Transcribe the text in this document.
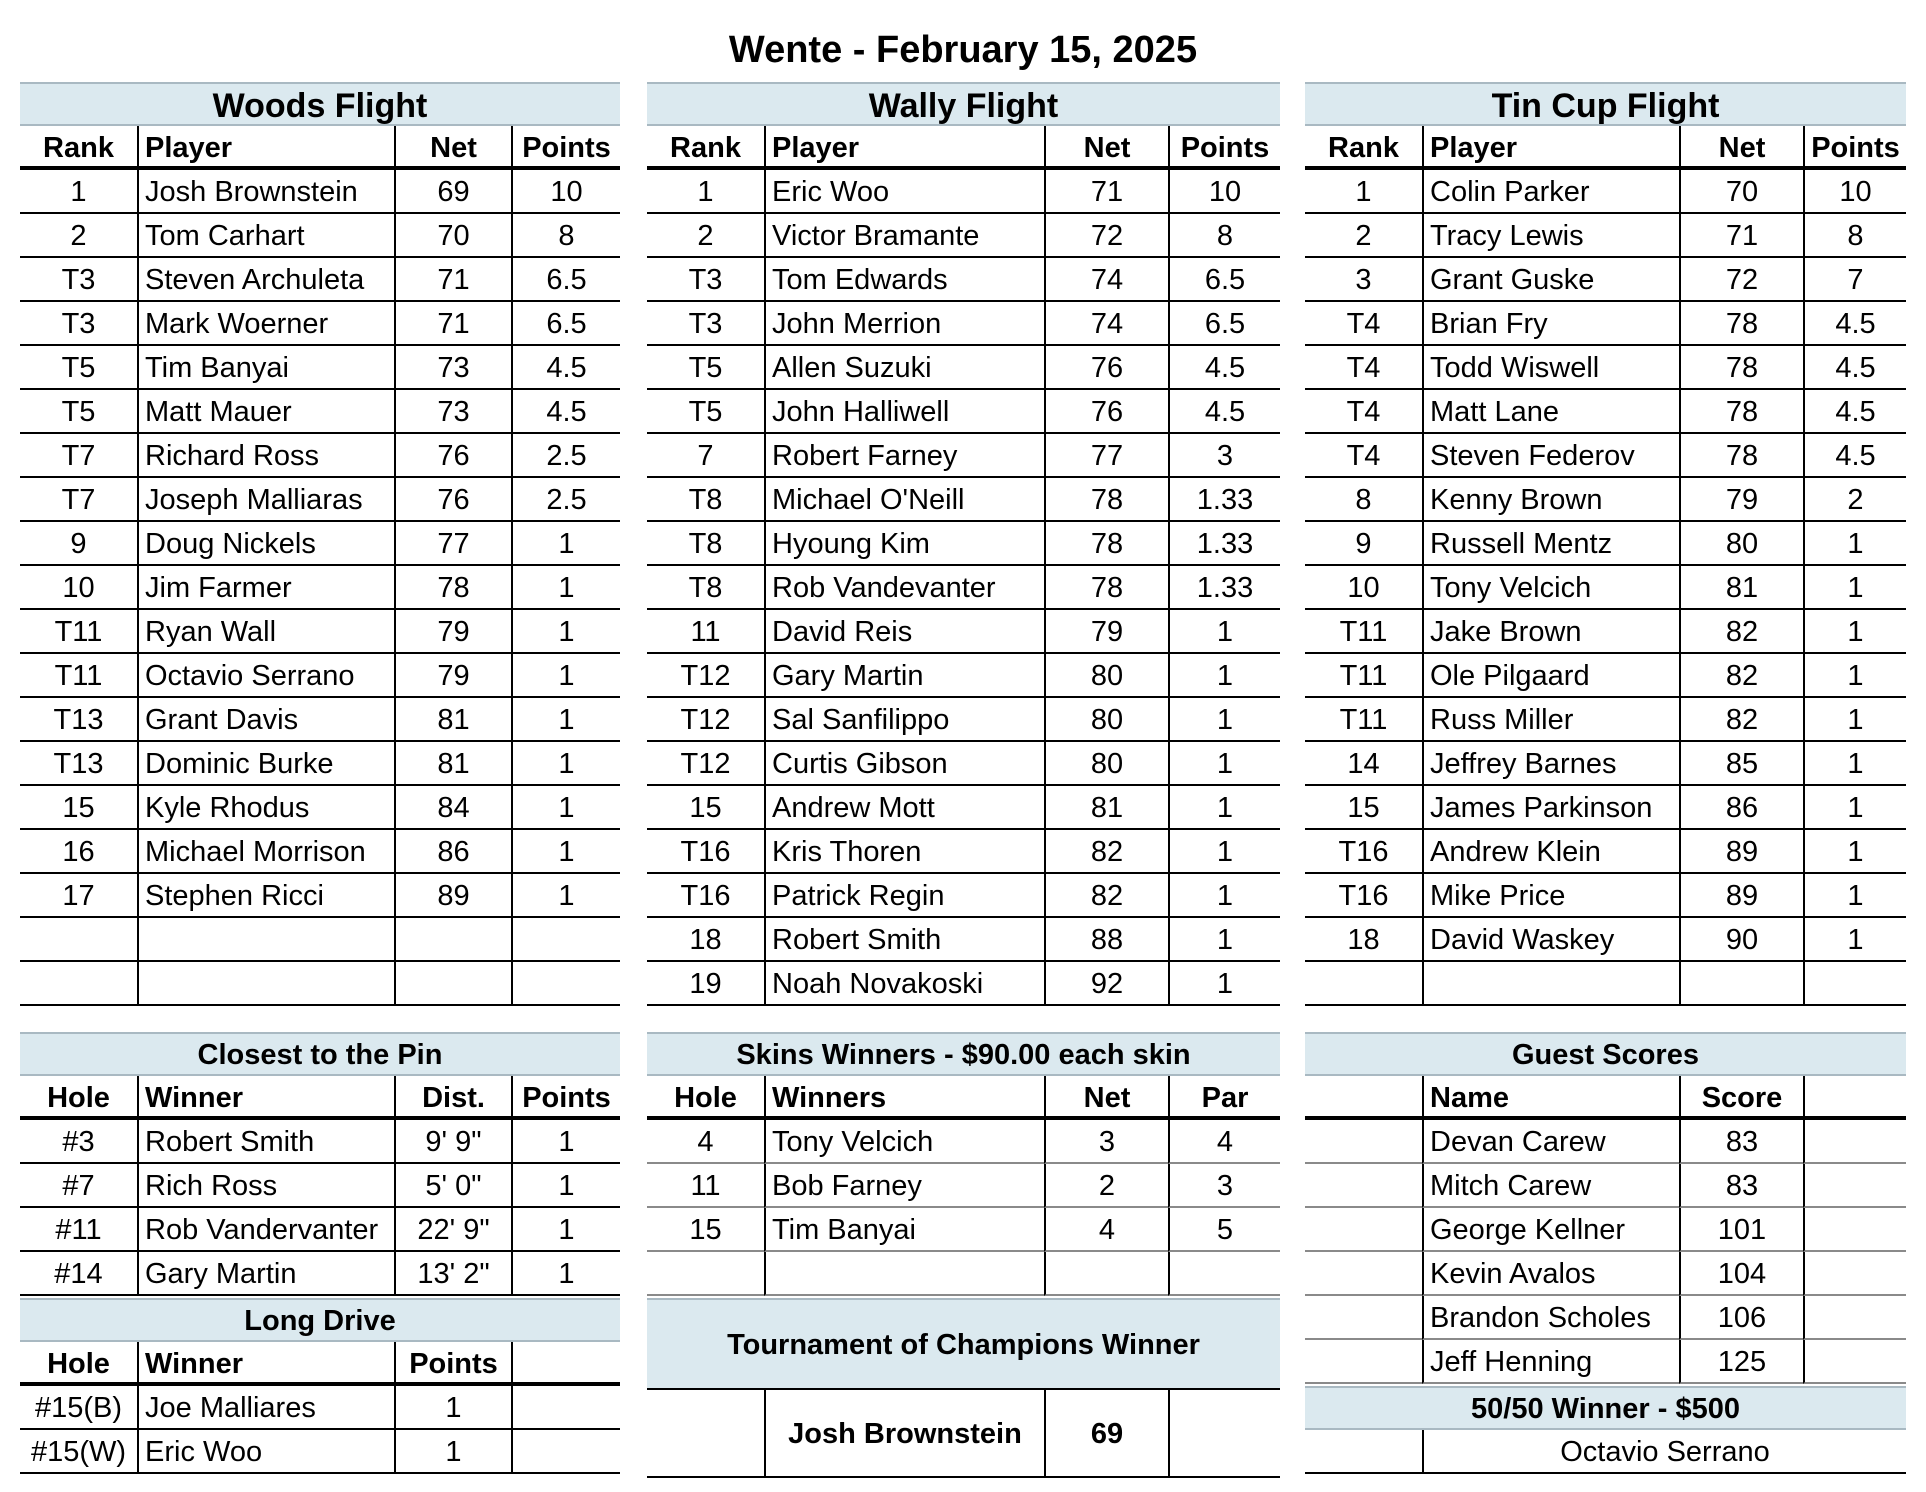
Wente - February 15, 2025
Woods Flight
Rank	Player	Net	Points
1	Josh Brownstein	69	10
2	Tom Carhart	70	8
T3	Steven Archuleta	71	6.5
T3	Mark Woerner	71	6.5
T5	Tim Banyai	73	4.5
T5	Matt Mauer	73	4.5
T7	Richard Ross	76	2.5
T7	Joseph Malliaras	76	2.5
9	Doug Nickels	77	1
10	Jim Farmer	78	1
T11	Ryan Wall	79	1
T11	Octavio Serrano	79	1
T13	Grant Davis	81	1
T13	Dominic Burke	81	1
15	Kyle Rhodus	84	1
16	Michael Morrison	86	1
17	Stephen Ricci	89	1
Wally Flight
Rank	Player	Net	Points
1	Eric Woo	71	10
2	Victor Bramante	72	8
T3	Tom Edwards	74	6.5
T3	John Merrion	74	6.5
T5	Allen Suzuki	76	4.5
T5	John Halliwell	76	4.5
7	Robert Farney	77	3
T8	Michael O'Neill	78	1.33
T8	Hyoung Kim	78	1.33
T8	Rob Vandevanter	78	1.33
11	David Reis	79	1
T12	Gary Martin	80	1
T12	Sal Sanfilippo	80	1
T12	Curtis Gibson	80	1
15	Andrew Mott	81	1
T16	Kris Thoren	82	1
T16	Patrick Regin	82	1
18	Robert Smith	88	1
19	Noah Novakoski	92	1
Tin Cup Flight
Rank	Player	Net	Points
1	Colin Parker	70	10
2	Tracy Lewis	71	8
3	Grant Guske	72	7
T4	Brian Fry	78	4.5
T4	Todd Wiswell	78	4.5
T4	Matt Lane	78	4.5
T4	Steven Federov	78	4.5
8	Kenny Brown	79	2
9	Russell Mentz	80	1
10	Tony Velcich	81	1
T11	Jake Brown	82	1
T11	Ole Pilgaard	82	1
T11	Russ Miller	82	1
14	Jeffrey Barnes	85	1
15	James Parkinson	86	1
T16	Andrew Klein	89	1
T16	Mike Price	89	1
18	David Waskey	90	1
Closest to the Pin
Hole	Winner	Dist.	Points
#3	Robert Smith	9' 9"	1
#7	Rich Ross	5' 0"	1
#11	Rob Vandervanter	22' 9"	1
#14	Gary Martin	13' 2"	1
Long Drive
Hole	Winner	Points
#15(B) Joe Malliares	1
#15(W) Eric Woo	1
Skins Winners - $90.00 each skin
Hole	Winners	Net	Par
4	Tony Velcich	3	4
11	Bob Farney	2	3
15	Tim Banyai	4	5
Tournament of Champions Winner
Josh Brownstein	69
Guest Scores
Name	Score
Devan Carew	83
Mitch Carew	83
George Kellner	101
Kevin Avalos	104
Brandon Scholes	106
Jeff Henning	125
50/50 Winner - $500
Octavio Serrano
